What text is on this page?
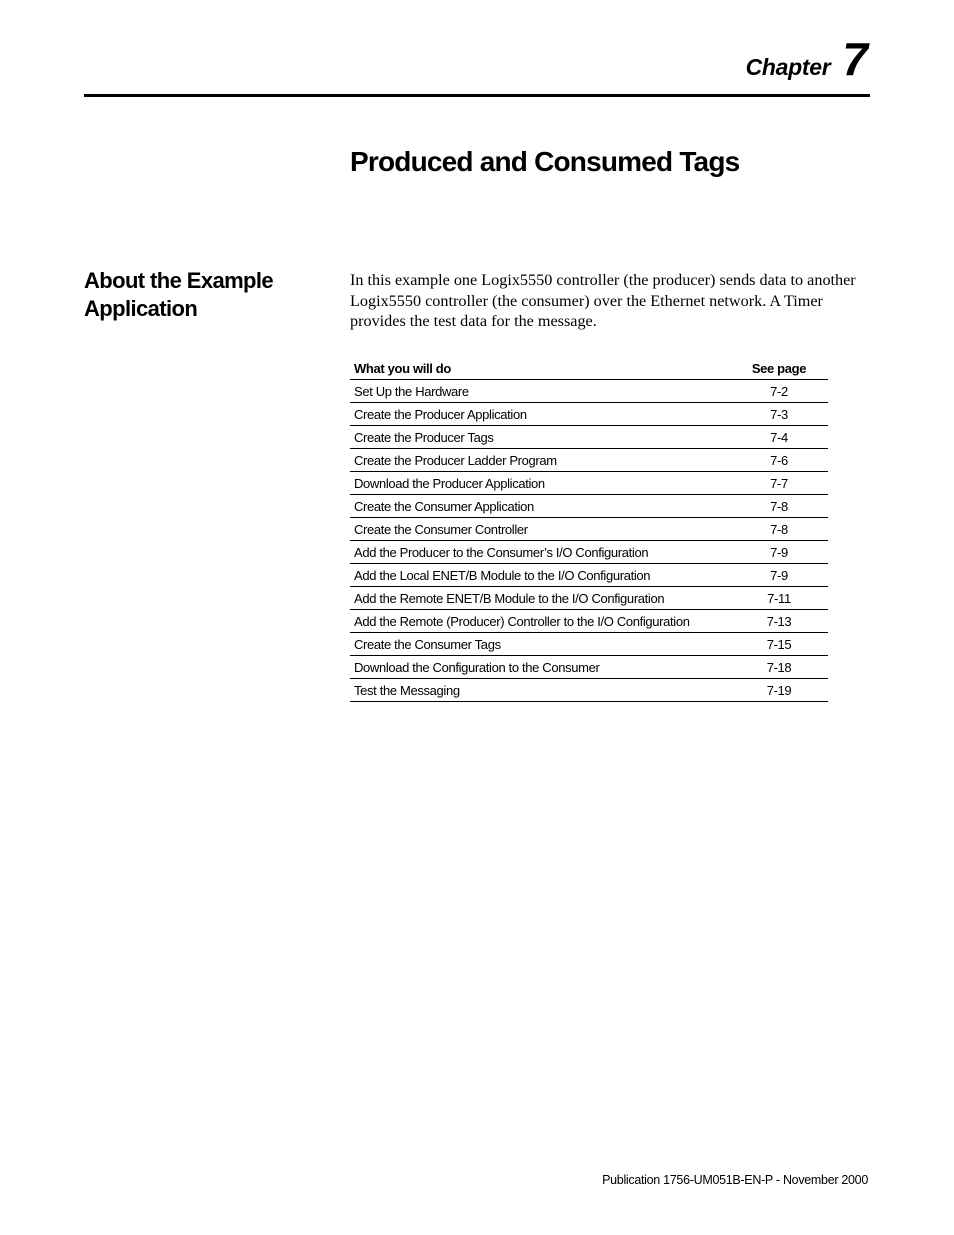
Chapter 7
Produced and Consumed Tags
About the Example Application

In this example one Logix5550 controller (the producer) sends data to another Logix5550 controller (the consumer) over the Ethernet network. A Timer provides the test data for the message.

What you will do	See page
Set Up the Hardware	7-2
Create the Producer Application	7-3
Create the Producer Tags	7-4
Create the Producer Ladder Program	7-6
Download the Producer Application	7-7
Create the Consumer Application	7-8
Create the Consumer Controller	7-8
Add the Producer to the Consumer’s I/O Configuration	7-9
Add the Local ENET/B Module to the I/O Configuration	7-9
Add the Remote ENET/B Module to the I/O Configuration	7-11
Add the Remote (Producer) Controller to the I/O Configuration	7-13
Create the Consumer Tags	7-15
Download the Configuration to the Consumer	7-18
Test the Messaging	7-19
Publication 1756-UM051B-EN-P - November 2000
